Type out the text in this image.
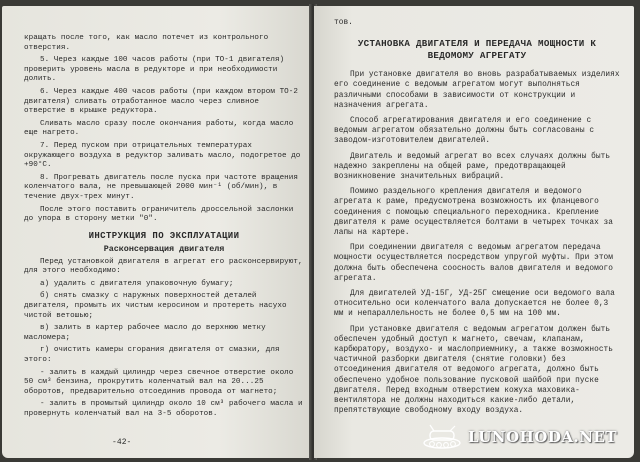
кращать после того, как масло потечет из контрольного отверстия.

5. Через каждые 100 часов работы (при ТО-1 двигателя) проверить уровень масла в редукторе и при необходимости долить.

6. Через каждые 400 часов работы (при каждом втором ТО-2 двигателя) сливать отработанное масло через сливное отверстие в крышке редуктора.

Сливать масло сразу после окончания работы, когда масло еще нагрето.

7. Перед пуском при отрицательных температурах окружающего воздуха в редуктор заливать масло, подогретое до +90°С.

8. Прогревать двигатель после пуска при частоте вращения коленчатого вала, не превышающей 2000 мин⁻¹ (об/мин), в течение двух-трех минут.

После этого поставить ограничитель дроссельной заслонки до упора в сторону метки "0".

ИНСТРУКЦИЯ ПО ЭКСПЛУАТАЦИИ
Расконсервация двигателя

Перед установкой двигателя в агрегат его расконсервируют, для этого необходимо:

а) удалить с двигателя упаковочную бумагу;

б) снять смазку с наружных поверхностей деталей двигателя, промыть их чистым керосином и протереть насухо чистой ветошью;

в) залить в картер рабочее масло до верхнюю метку масломера;

г) очистить камеры сгорания двигателя от смазки, для этого:

- залить в каждый цилиндр через свечное отверстие около 50 см³ бензина, прокрутить коленчатый вал на 20...25 оборотов, предварительно отсоединив провода от магнето;

- залить в промытый цилиндр около 10 см³ рабочего масла и провернуть коленчатый вал на 3-5 оборотов.

-42-

тов.

УСТАНОВКА ДВИГАТЕЛЯ И ПЕРЕДАЧА МОЩНОСТИ К ВЕДОМОМУ АГРЕГАТУ

При установке двигателя во вновь разрабатываемых изделиях его соединение с ведомым агрегатом могут выполняться различными способами в зависимости от конструкции и назначения агрегата.

Способ агрегатирования двигателя и его соединение с ведомым агрегатом обязательно должны быть согласованы с заводом-изготовителем двигателей.

Двигатель и ведомый агрегат во всех случаях должны быть надежно закреплены на общей раме, предотвращающей возникновение значительных вибраций.

Помимо раздельного крепления двигателя и ведомого агрегата к раме, предусмотрена возможность их фланцевого соединения с помощью специального переходника. Крепление двигателя к раме осуществляется болтами в четырех точках за лапы на картере.

При соединении двигателя с ведомым агрегатом передача мощности осуществляется посредством упругой муфты. При этом должна быть обеспечена соосность валов двигателя и ведомого агрегата.

Для двигателей УД-15Г, УД-25Г смещение оси ведомого вала относительно оси коленчатого вала допускается не более 0,3 мм и непараллельность не более 0,5 мм на 100 мм.

При установке двигателя с ведомым агрегатом должен быть обеспечен удобный доступ к магнето, свечам, клапанам, карбюратору, воздухо- и маслоприемнику, а также возможность частичной разборки двигателя (снятие головки) без отсоединения двигателя от ведомого агрегата, должно быть обеспечено удобное пользование пусковой шайбой при пуске двигателя. Перед входным отверстием кожуха маховика-вентилятора не должны находиться какие-либо детали, препятствующие свободному входу воздуха.

LUNOHODA.NET
